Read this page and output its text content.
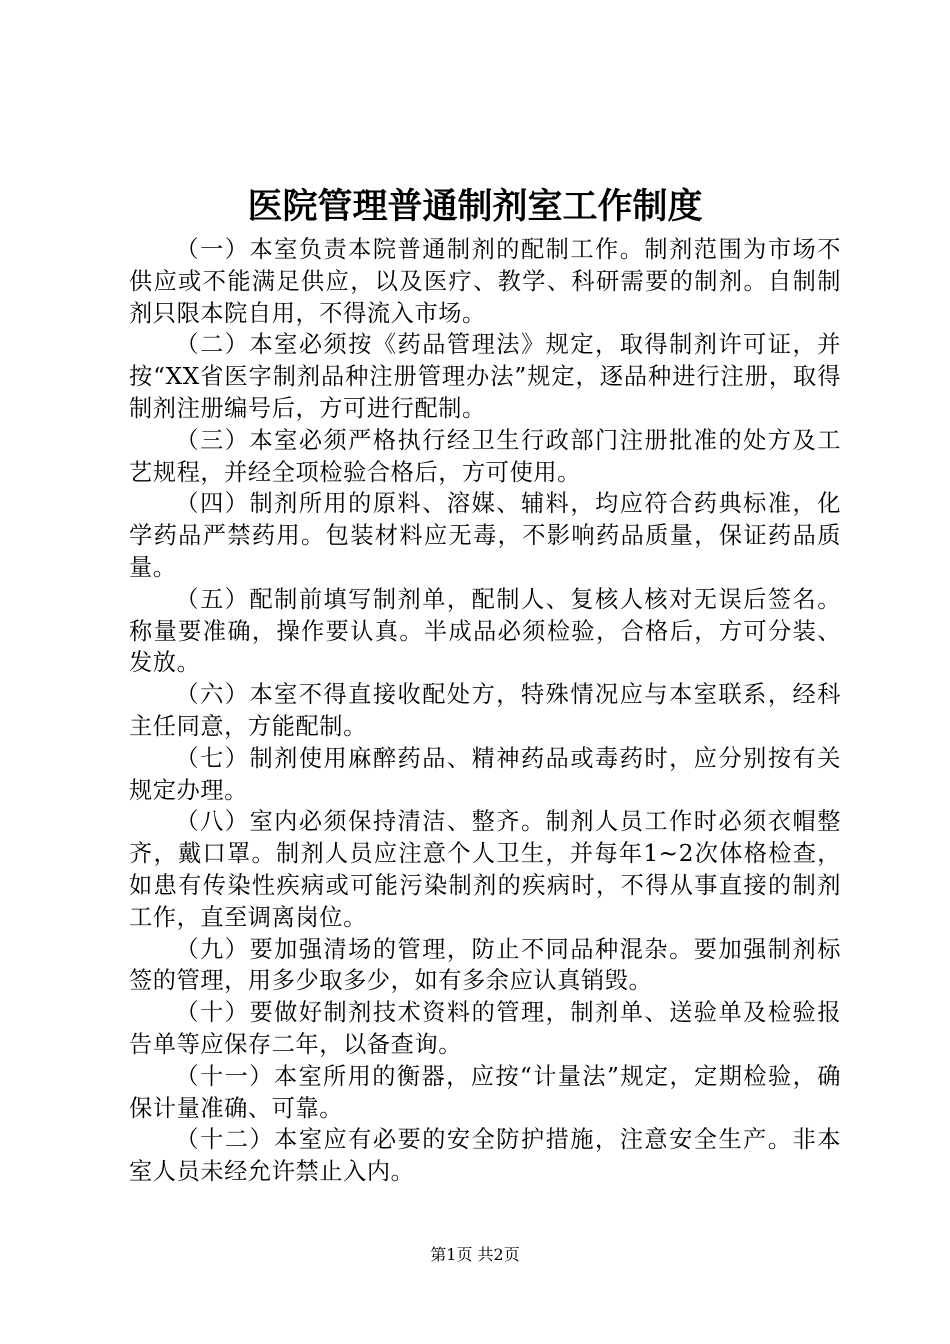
医院管理普通制剂室工作制度

（一）本室负责本院普通制剂的配制工作。制剂范围为市场不供应或不能满足供应，以及医疗、教学、科研需要的制剂。自制制剂只限本院自用，不得流入市场。

（二）本室必须按《药品管理法》规定，取得制剂许可证，并按“XX省医字制剂品种注册管理办法”规定，逐品种进行注册，取得制剂注册编号后，方可进行配制。

（三）本室必须严格执行经卫生行政部门注册批准的处方及工艺规程，并经全项检验合格后，方可使用。

（四）制剂所用的原料、溶媒、辅料，均应符合药典标准，化学药品严禁药用。包装材料应无毒，不影响药品质量，保证药品质量。

（五）配制前填写制剂单，配制人、复核人核对无误后签名。称量要准确，操作要认真。半成品必须检验，合格后，方可分装、发放。

（六）本室不得直接收配处方，特殊情况应与本室联系，经科主任同意，方能配制。

（七）制剂使用麻醉药品、精神药品或毒药时，应分别按有关规定办理。

（八）室内必须保持清洁、整齐。制剂人员工作时必须衣帽整齐，戴口罩。制剂人员应注意个人卫生，并每年1~2次体格检查，如患有传染性疾病或可能污染制剂的疾病时，不得从事直接的制剂工作，直至调离岗位。

（九）要加强清场的管理，防止不同品种混杂。要加强制剂标签的管理，用多少取多少，如有多余应认真销毁。

（十）要做好制剂技术资料的管理，制剂单、送验单及检验报告单等应保存二年，以备查询。

（十一）本室所用的衡器，应按“计量法”规定，定期检验，确保计量准确、可靠。

（十二）本室应有必要的安全防护措施，注意安全生产。非本室人员未经允许禁止入内。

第1页 共2页
